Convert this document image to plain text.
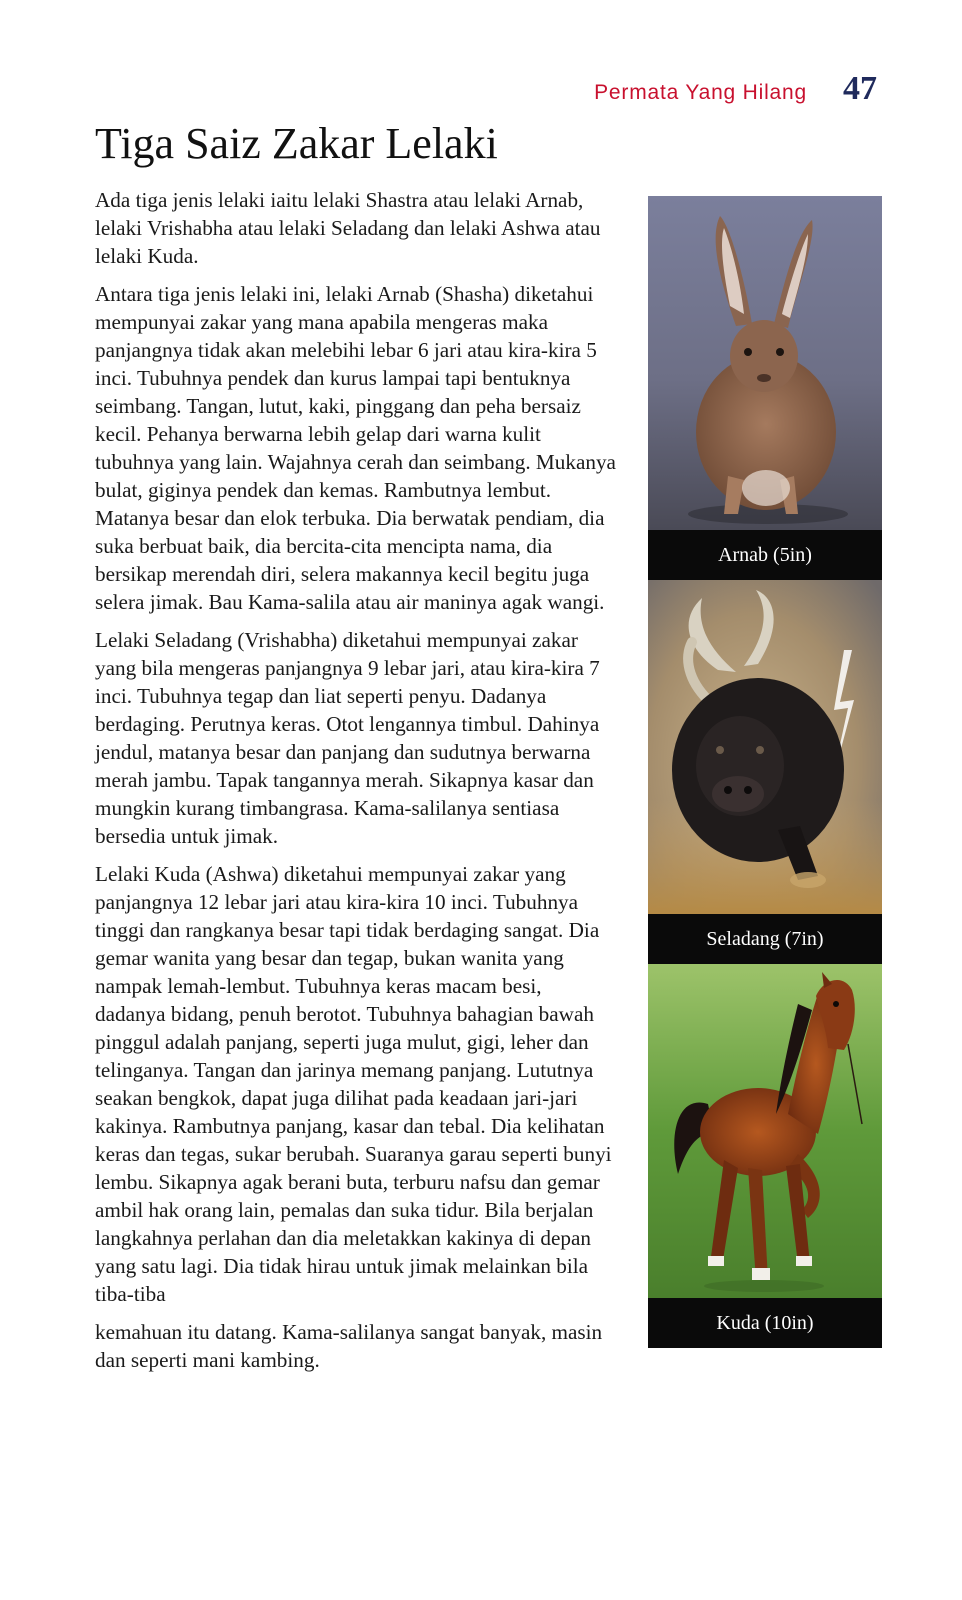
Permata Yang Hilang 47
Tiga Saiz Zakar Lelaki

Ada tiga jenis lelaki iaitu lelaki Shastra atau lelaki Arnab, lelaki Vrishabha atau lelaki Seladang dan lelaki Ashwa atau lelaki Kuda.

Antara tiga jenis lelaki ini, lelaki Arnab (Shasha) diketahui mempunyai zakar yang mana apabila mengeras maka panjangnya tidak akan melebihi lebar 6 jari atau kira-kira 5 inci. Tubuhnya pendek dan kurus lampai tapi bentuknya seimbang. Tangan, lutut, kaki, pinggang dan peha bersaiz kecil. Pehanya berwarna lebih gelap dari warna kulit tubuhnya yang lain. Wajahnya cerah dan seimbang. Mukanya bulat, giginya pendek dan kemas. Rambutnya lembut. Matanya besar dan elok terbuka. Dia berwatak pendiam, dia suka berbuat baik, dia bercita-cita mencipta nama, dia bersikap merendah diri, selera makannya kecil begitu juga selera jimak. Bau Kama-salila atau air maninya agak wangi.

Lelaki Seladang (Vrishabha) diketahui mempunyai zakar yang bila mengeras panjangnya 9 lebar jari, atau kira-kira 7 inci. Tubuhnya tegap dan liat seperti penyu. Dadanya berdaging. Perutnya keras. Otot lengannya timbul. Dahinya jendul, matanya besar dan panjang dan sudutnya berwarna merah jambu. Tapak tangannya merah. Sikapnya kasar dan mungkin kurang timbangrasa. Kama-salilanya sentiasa bersedia untuk jimak.

Lelaki Kuda (Ashwa) diketahui mempunyai zakar yang panjangnya 12 lebar jari atau kira-kira 10 inci. Tubuhnya tinggi dan rangkanya besar tapi tidak berdaging sangat. Dia gemar wanita yang besar dan tegap, bukan wanita yang nampak lemah-lembut. Tubuhnya keras macam besi, dadanya bidang, penuh berotot. Tubuhnya bahagian bawah pinggul adalah panjang, seperti juga mulut, gigi, leher dan telinganya. Tangan dan jarinya memang panjang. Lututnya seakan bengkok, dapat juga dilihat pada keadaan jari-jari kakinya. Rambutnya panjang, kasar dan tebal. Dia kelihatan keras dan tegas, sukar berubah. Suaranya garau seperti bunyi lembu. Sikapnya agak berani buta, terburu nafsu dan gemar ambil hak orang lain, pemalas dan suka tidur. Bila berjalan langkahnya perlahan dan dia meletakkan kakinya di depan yang satu lagi. Dia tidak hirau untuk jimak melainkan bila tiba-tiba

kemahuan itu datang. Kama-salilanya sangat banyak, masin dan seperti mani kambing.

Arnab (5in)
Seladang (7in)
Kuda (10in)
